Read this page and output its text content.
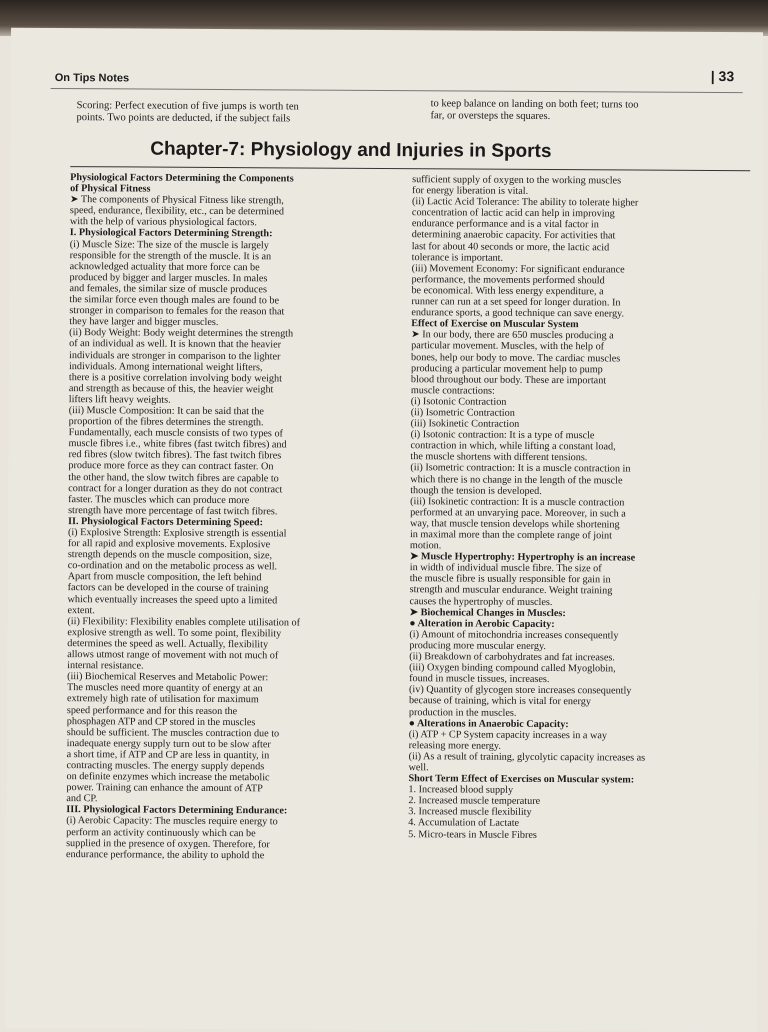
On Tips Notes	| 33
Scoring: Perfect execution of five jumps is worth ten
points. Two points are deducted, if the subject fails
to keep balance on landing on both feet; turns too
far, or oversteps the squares.
Chapter-7: Physiology and Injuries in Sports
Physiological Factors Determining the Components
of Physical Fitness
➤ The components of Physical Fitness like strength,
speed, endurance, flexibility, etc., can be determined
with the help of various physiological factors.
I. Physiological Factors Determining Strength:
(i) Muscle Size: The size of the muscle is largely
responsible for the strength of the muscle. It is an
acknowledged actuality that more force can be
produced by bigger and larger muscles. In males
and females, the similar size of muscle produces
the similar force even though males are found to be
stronger in comparison to females for the reason that
they have larger and bigger muscles.
(ii) Body Weight: Body weight determines the strength
of an individual as well. It is known that the heavier
individuals are stronger in comparison to the lighter
individuals. Among international weight lifters,
there is a positive correlation involving body weight
and strength as because of this, the heavier weight
lifters lift heavy weights.
(iii) Muscle Composition: It can be said that the
proportion of the fibres determines the strength.
Fundamentally, each muscle consists of two types of
muscle fibres i.e., white fibres (fast twitch fibres) and
red fibres (slow twitch fibres). The fast twitch fibres
produce more force as they can contract faster. On
the other hand, the slow twitch fibres are capable to
contract for a longer duration as they do not contract
faster. The muscles which can produce more
strength have more percentage of fast twitch fibres.
II. Physiological Factors Determining Speed:
(i) Explosive Strength: Explosive strength is essential
for all rapid and explosive movements. Explosive
strength depends on the muscle composition, size,
co-ordination and on the metabolic process as well.
Apart from muscle composition, the left behind
factors can be developed in the course of training
which eventually increases the speed upto a limited
extent.
(ii) Flexibility: Flexibility enables complete utilisation of
explosive strength as well. To some point, flexibility
determines the speed as well. Actually, flexibility
allows utmost range of movement with not much of
internal resistance.
(iii) Biochemical Reserves and Metabolic Power:
The muscles need more quantity of energy at an
extremely high rate of utilisation for maximum
speed performance and for this reason the
phosphagen ATP and CP stored in the muscles
should be sufficient. The muscles contraction due to
inadequate energy supply turn out to be slow after
a short time, if ATP and CP are less in quantity, in
contracting muscles. The energy supply depends
on definite enzymes which increase the metabolic
power. Training can enhance the amount of ATP
and CP.
III. Physiological Factors Determining Endurance:
(i) Aerobic Capacity: The muscles require energy to
perform an activity continuously which can be
supplied in the presence of oxygen. Therefore, for
endurance performance, the ability to uphold the
sufficient supply of oxygen to the working muscles
for energy liberation is vital.
(ii) Lactic Acid Tolerance: The ability to tolerate higher
concentration of lactic acid can help in improving
endurance performance and is a vital factor in
determining anaerobic capacity. For activities that
last for about 40 seconds or more, the lactic acid
tolerance is important.
(iii) Movement Economy: For significant endurance
performance, the movements performed should
be economical. With less energy expenditure, a
runner can run at a set speed for longer duration. In
endurance sports, a good technique can save energy.
Effect of Exercise on Muscular System
➤ In our body, there are 650 muscles producing a
particular movement. Muscles, with the help of
bones, help our body to move. The cardiac muscles
producing a particular movement help to pump
blood throughout our body. These are important
muscle contractions:
(i) Isotonic Contraction
(ii) Isometric Contraction
(iii) Isokinetic Contraction
(i) Isotonic contraction: It is a type of muscle
contraction in which, while lifting a constant load,
the muscle shortens with different tensions.
(ii) Isometric contraction: It is a muscle contraction in
which there is no change in the length of the muscle
though the tension is developed.
(iii) Isokinetic contraction: It is a muscle contraction
performed at an unvarying pace. Moreover, in such a
way, that muscle tension develops while shortening
in maximal more than the complete range of joint
motion.
➤ Muscle Hypertrophy: Hypertrophy is an increase
in width of individual muscle fibre. The size of
the muscle fibre is usually responsible for gain in
strength and muscular endurance. Weight training
causes the hypertrophy of muscles.
➤ Biochemical Changes in Muscles:
● Alteration in Aerobic Capacity:
(i) Amount of mitochondria increases consequently
producing more muscular energy.
(ii) Breakdown of carbohydrates and fat increases.
(iii) Oxygen binding compound called Myoglobin,
found in muscle tissues, increases.
(iv) Quantity of glycogen store increases consequently
because of training, which is vital for energy
production in the muscles.
● Alterations in Anaerobic Capacity:
(i) ATP + CP System capacity increases in a way
releasing more energy.
(ii) As a result of training, glycolytic capacity increases as
well.
Short Term Effect of Exercises on Muscular system:
1. Increased blood supply
2. Increased muscle temperature
3. Increased muscle flexibility
4. Accumulation of Lactate
5. Micro-tears in Muscle Fibres
